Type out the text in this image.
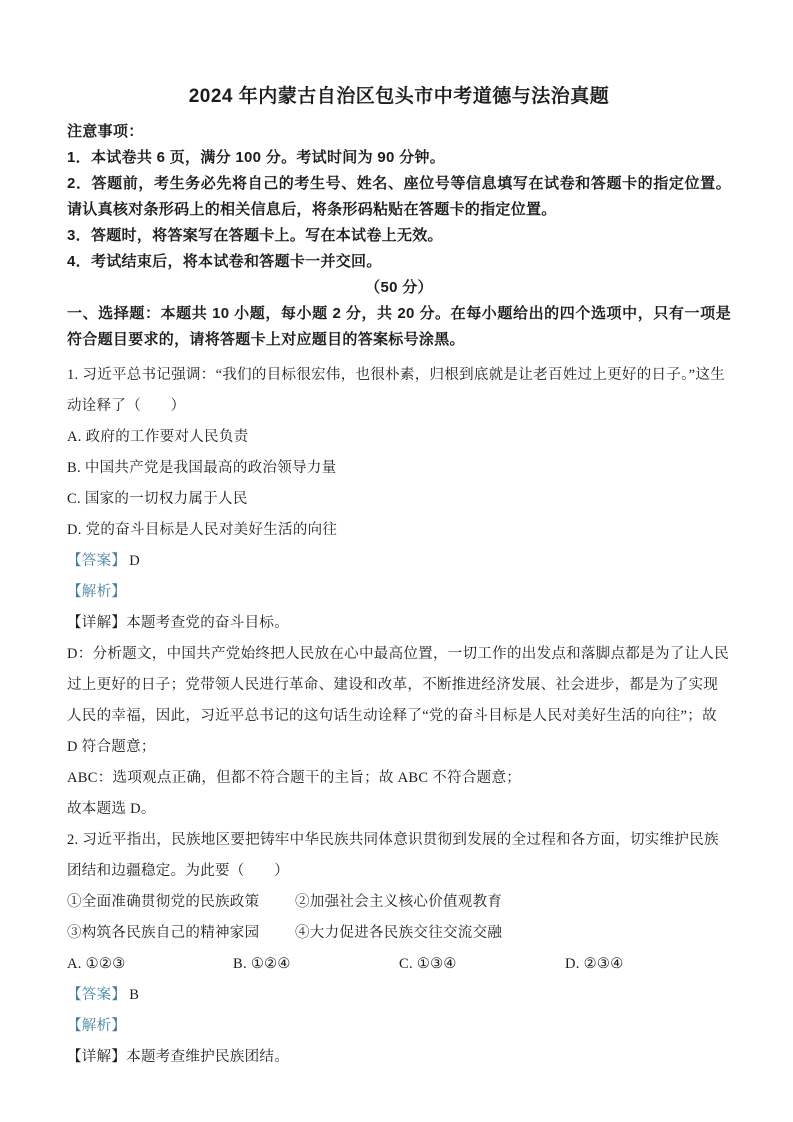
2024 年内蒙古自治区包头市中考道德与法治真题

注意事项：

1．本试卷共 6 页，满分 100 分。考试时间为 90 分钟。

2．答题前，考生务必先将自己的考生号、姓名、座位号等信息填写在试卷和答题卡的指定位置。请认真核对条形码上的相关信息后，将条形码粘贴在答题卡的指定位置。

3．答题时，将答案写在答题卡上。写在本试卷上无效。

4．考试结束后，将本试卷和答题卡一并交回。

（50 分）

一、选择题：本题共 10 小题，每小题 2 分，共 20 分。在每小题给出的四个选项中，只有一项是符合题目要求的，请将答题卡上对应题目的答案标号涂黑。

1. 习近平总书记强调：“我们的目标很宏伟，也很朴素，归根到底就是让老百姓过上更好的日子。”这生动诠释了（　　）

A. 政府的工作要对人民负责

B. 中国共产党是我国最高的政治领导力量

C. 国家的一切权力属于人民

D. 党的奋斗目标是人民对美好生活的向往

【答案】 D

【解析】

【详解】本题考查党的奋斗目标。

D：分析题文，中国共产党始终把人民放在心中最高位置，一切工作的出发点和落脚点都是为了让人民过上更好的日子；党带领人民进行革命、建设和改革，不断推进经济发展、社会进步，都是为了实现人民的幸福，因此，习近平总书记的这句话生动诠释了“党的奋斗目标是人民对美好生活的向往”；故 D 符合题意；

ABC：选项观点正确，但都不符合题干的主旨；故 ABC 不符合题意；

故本题选 D。

2. 习近平指出，民族地区要把铸牢中华民族共同体意识贯彻到发展的全过程和各方面，切实维护民族团结和边疆稳定。为此要（　　）

①全面准确贯彻党的民族政策 ②加强社会主义核心价值观教育

③构筑各民族自己的精神家园 ④大力促进各民族交往交流交融

A. ①②③	B. ①②④	C. ①③④	D. ②③④

【答案】 B

【解析】

【详解】本题考查维护民族团结。
